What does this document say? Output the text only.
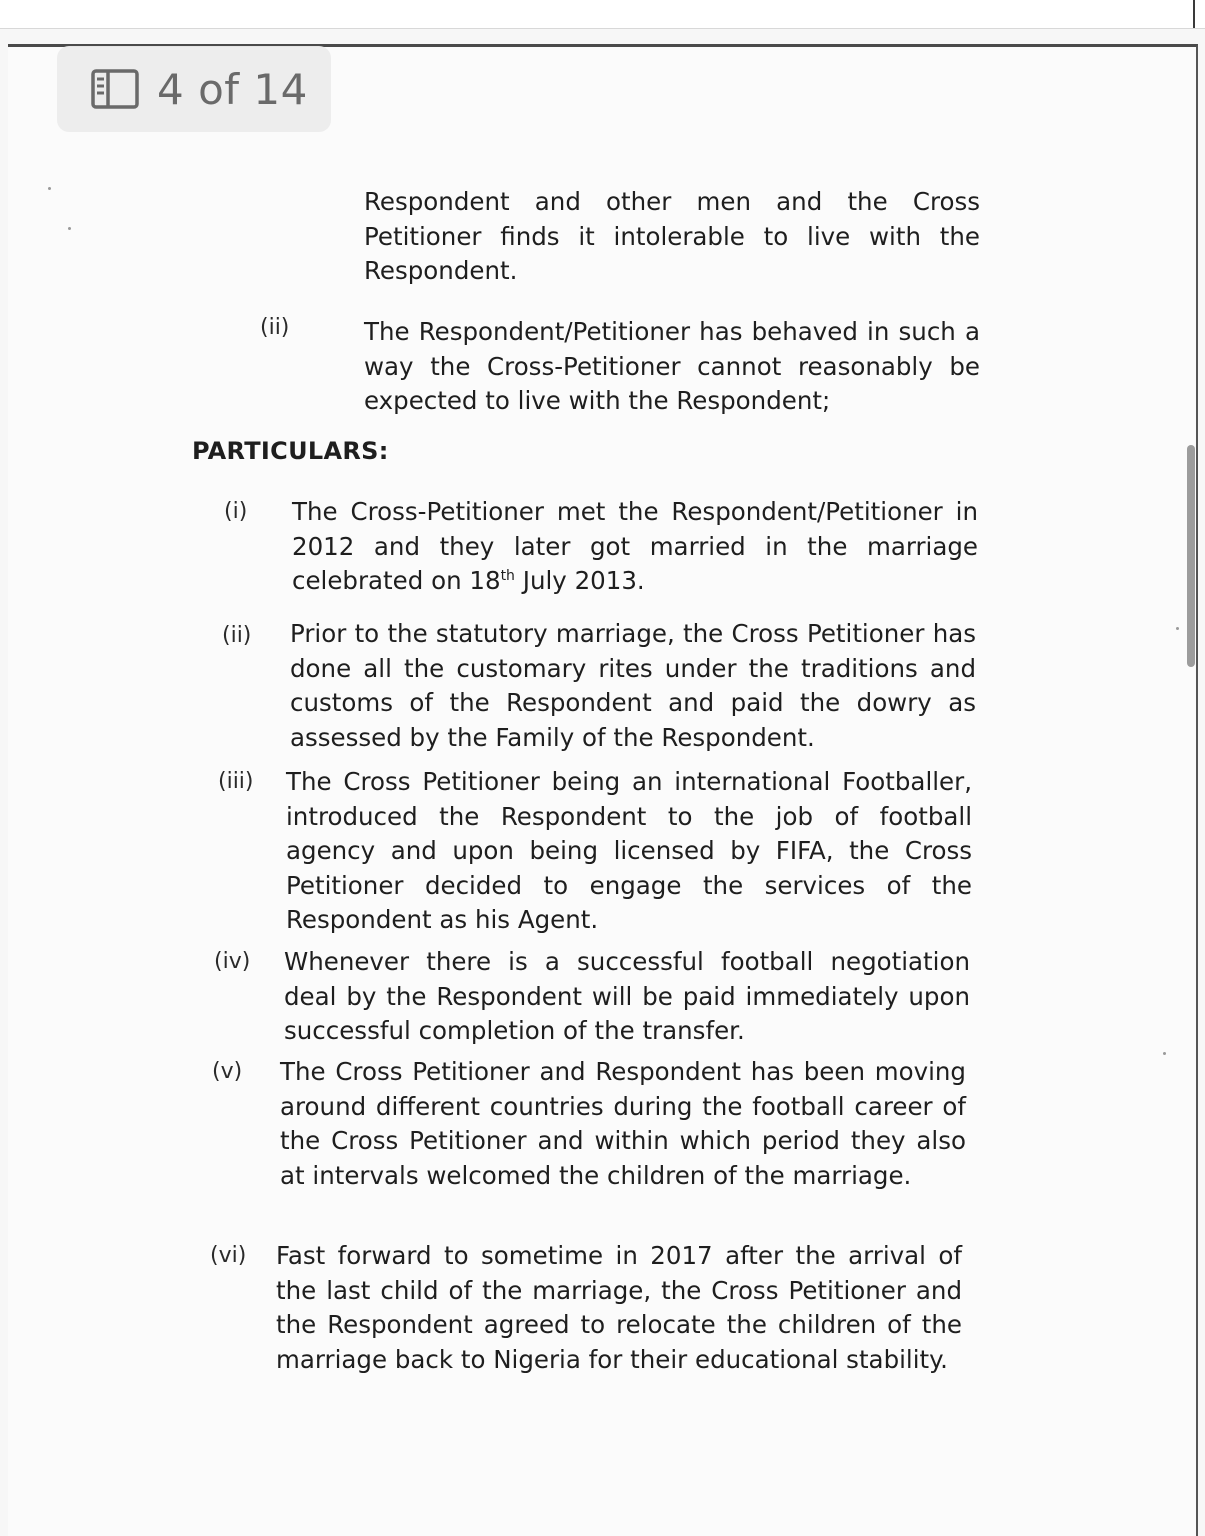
4 of 14
Respondent and other men and the Cross Petitioner finds it intolerable to live with the Respondent.
(ii)	The Respondent/Petitioner has behaved in such a way the Cross-Petitioner cannot reasonably be expected to live with the Respondent;
PARTICULARS:
(i) The Cross-Petitioner met the Respondent/Petitioner in 2012 and they later got married in the marriage celebrated on 18th July 2013.
(ii) Prior to the statutory marriage, the Cross Petitioner has done all the customary rites under the traditions and customs of the Respondent and paid the dowry as assessed by the Family of the Respondent.
(iii) The Cross Petitioner being an international Footballer, introduced the Respondent to the job of football agency and upon being licensed by FIFA, the Cross Petitioner decided to engage the services of the Respondent as his Agent.
(iv) Whenever there is a successful football negotiation deal by the Respondent will be paid immediately upon successful completion of the transfer.
(v) The Cross Petitioner and Respondent has been moving around different countries during the football career of the Cross Petitioner and within which period they also at intervals welcomed the children of the marriage.
(vi) Fast forward to sometime in 2017 after the arrival of the last child of the marriage, the Cross Petitioner and the Respondent agreed to relocate the children of the marriage back to Nigeria for their educational stability.
